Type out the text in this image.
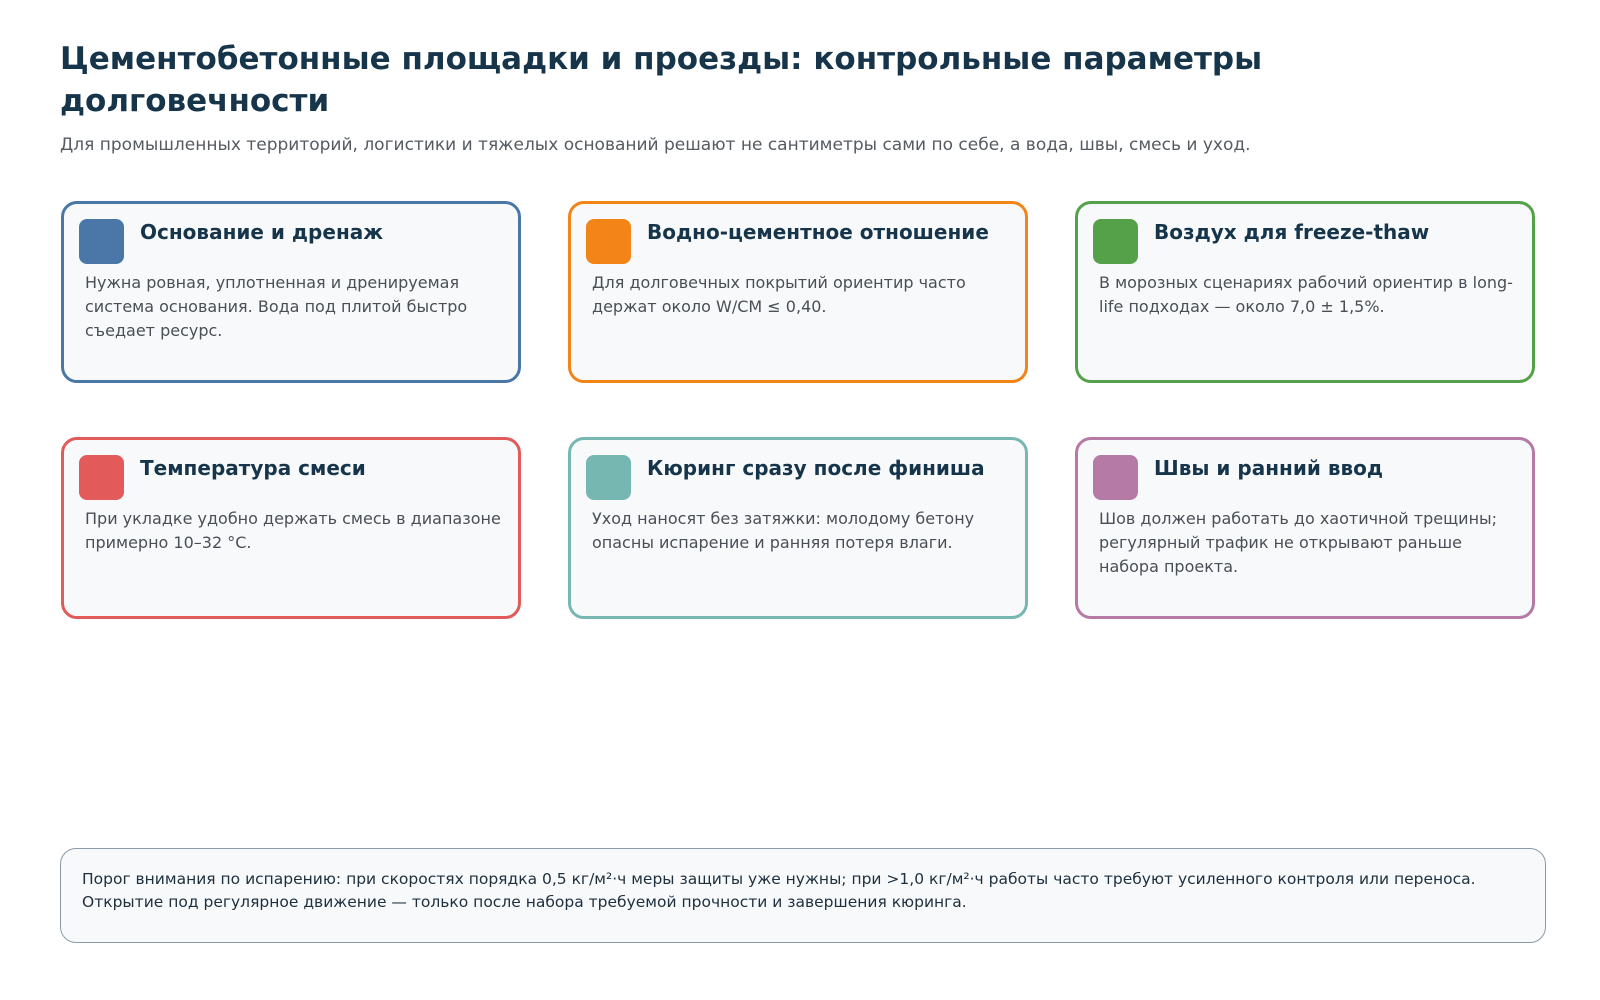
Цементобетонные площадки и проезды: контрольные параметры долговечности

Для промышленных территорий, логистики и тяжелых оснований решают не сантиметры сами по себе, а вода, швы, смесь и уход.

Основание и дренаж

Нужна ровная, уплотненная и дренируемая система основания. Вода под плитой быстро съедает ресурс.

Водно-цементное отношение

Для долговечных покрытий ориентир часто держат около W/CM ≤ 0,40.

Воздух для freeze-thaw

В морозных сценариях рабочий ориентир в long-life подходах — около 7,0 ± 1,5%.

Температура смеси

При укладке удобно держать смесь в диапазоне примерно 10–32 °C.

Кюринг сразу после финиша

Уход наносят без затяжки: молодому бетону опасны испарение и ранняя потеря влаги.

Швы и ранний ввод

Шов должен работать до хаотичной трещины; регулярный трафик не открывают раньше набора проекта.

Порог внимания по испарению: при скоростях порядка 0,5 кг/м²·ч меры защиты уже нужны; при >1,0 кг/м²·ч работы часто требуют усиленного контроля или переноса. Открытие под регулярное движение — только после набора требуемой прочности и завершения кюринга.
